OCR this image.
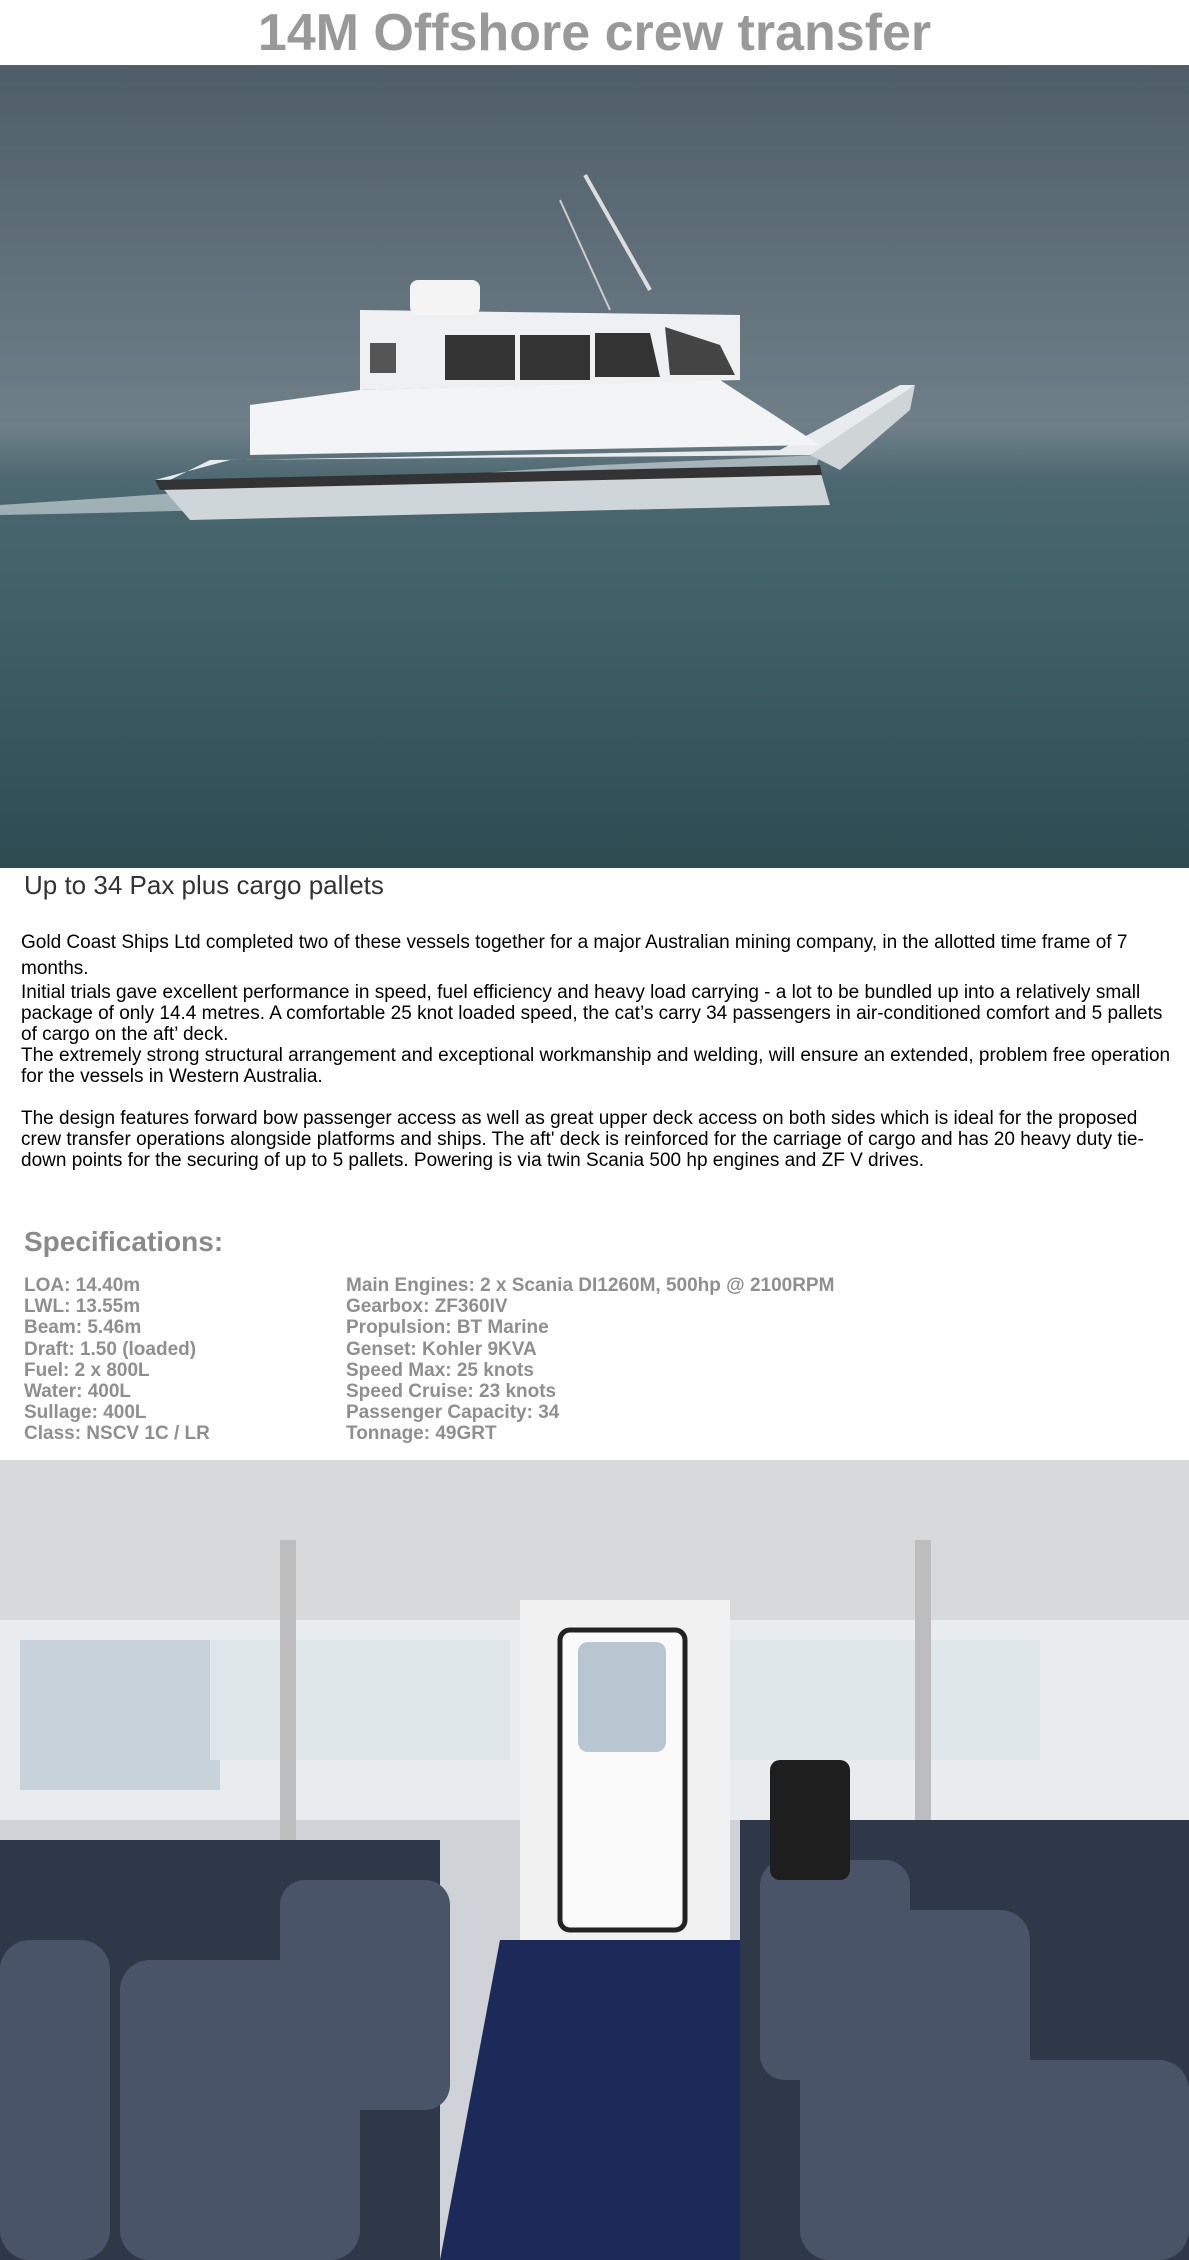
14M Offshore crew transfer
Up to 34 Pax plus cargo pallets

Gold Coast Ships Ltd completed two of these vessels together for a major Australian mining company, in the allotted time frame of 7 months.

Initial trials gave excellent performance in speed, fuel efficiency and heavy load carrying - a lot to be bundled up into a relatively small package of only 14.4 metres. A comfortable 25 knot loaded speed, the cat’s carry 34 passengers in air-conditioned comfort and 5 pallets of cargo on the aft’ deck.

The extremely strong structural arrangement and exceptional workmanship and welding, will ensure an extended, problem free operation for the vessels in Western Australia.

The design features forward bow passenger access as well as great upper deck access on both sides which is ideal for the proposed crew transfer operations alongside platforms and ships. The aft' deck is reinforced for the carriage of cargo and has 20 heavy duty tie-down points for the securing of up to 5 pallets. Powering is via twin Scania 500 hp engines and ZF V drives.

Specifications:
LOA: 14.40m	Main Engines: 2 x Scania DI1260M, 500hp @ 2100RPM
LWL: 13.55m	Gearbox: ZF360IV
Beam: 5.46m	Propulsion: BT Marine
Draft: 1.50 (loaded)	Genset: Kohler 9KVA
Fuel: 2 x 800L	Speed Max: 25 knots
Water: 400L	Speed Cruise: 23 knots
Sullage: 400L	Passenger Capacity: 34
Class: NSCV 1C / LR	Tonnage: 49GRT
